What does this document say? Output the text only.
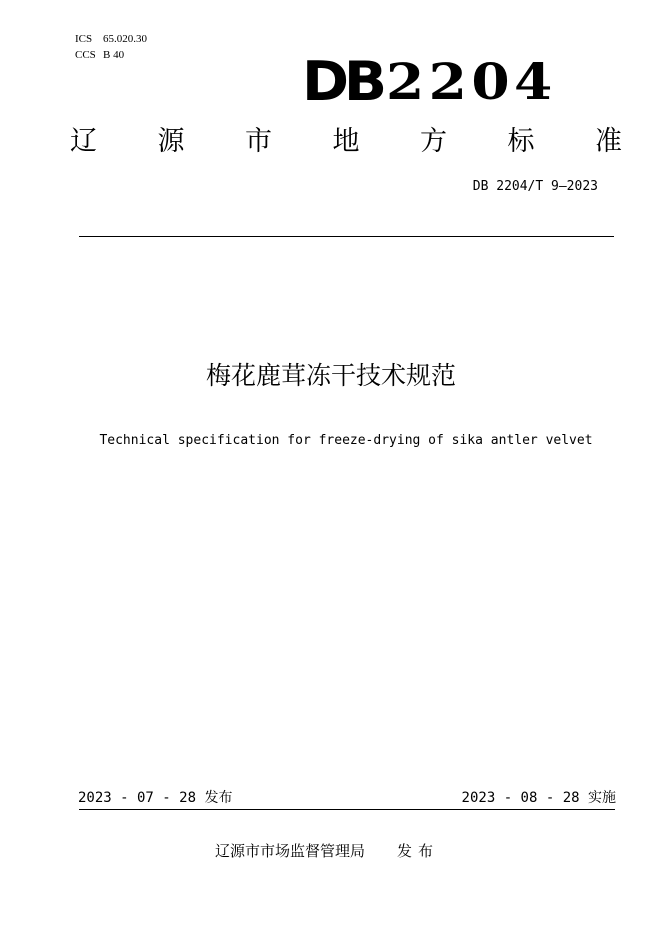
ICS 65.020.30
CCS B 40	DB 2204
辽 源 市 地 方 标 准
DB 2204/T 9—2023
梅花鹿茸冻干技术规范
Technical specification for freeze-drying of sika antler velvet
2023 - 07 - 28 发布	2023 - 08 - 28 实施
辽源市市场监督管理局 发布
